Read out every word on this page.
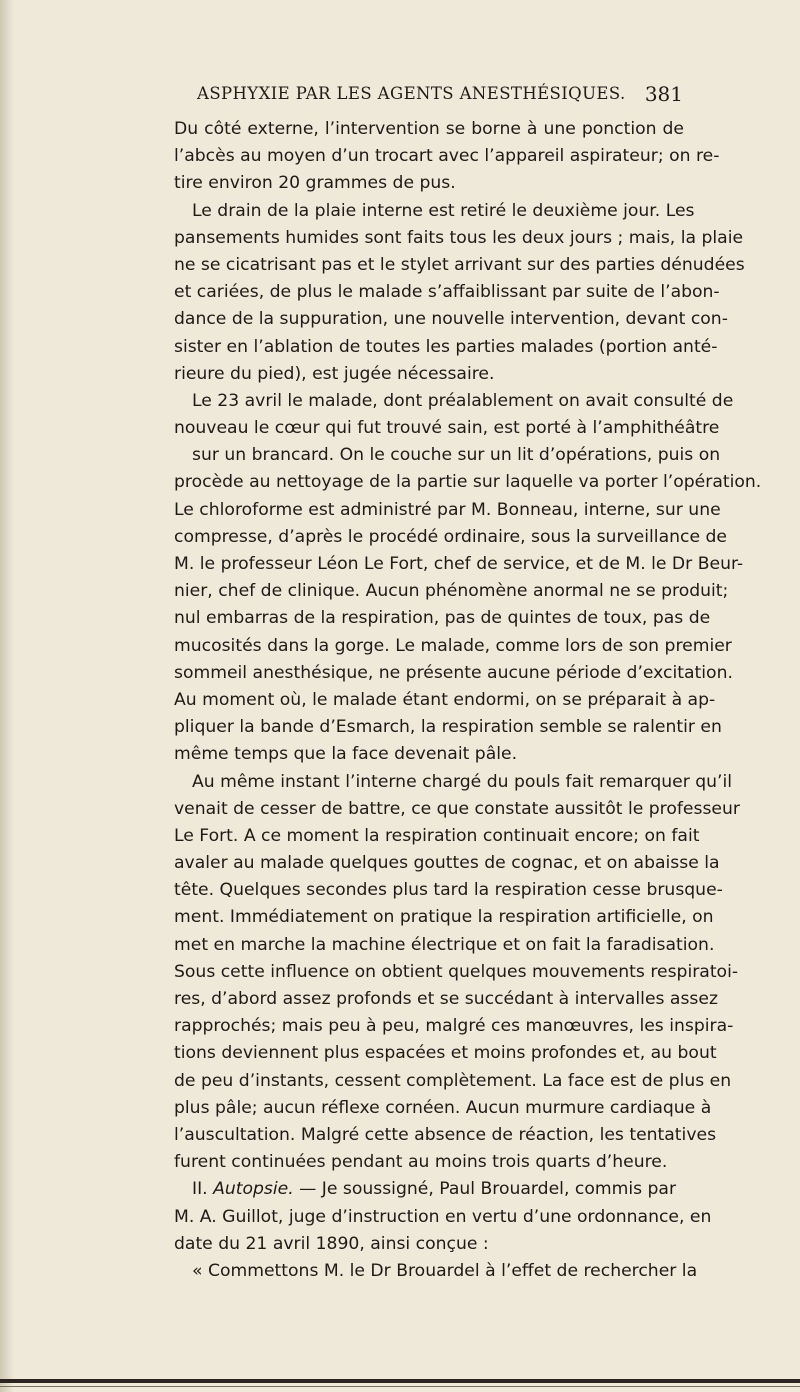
ASPHYXIE PAR LES AGENTS ANESTHÉSIQUES. 381
Du côté externe, l’intervention se borne à une ponction de
l’abcès au moyen d’un trocart avec l’appareil aspirateur; on re-
tire environ 20 grammes de pus.
Le drain de la plaie interne est retiré le deuxième jour. Les
pansements humides sont faits tous les deux jours ; mais, la plaie
ne se cicatrisant pas et le stylet arrivant sur des parties dénudées
et cariées, de plus le malade s’affaiblissant par suite de l’abon-
dance de la suppuration, une nouvelle intervention, devant con-
sister en l’ablation de toutes les parties malades (portion anté-
rieure du pied), est jugée nécessaire.
Le 23 avril le malade, dont préalablement on avait consulté de
nouveau le cœur qui fut trouvé sain, est porté à l’amphithéâtre
sur un brancard. On le couche sur un lit d’opérations, puis on
procède au nettoyage de la partie sur laquelle va porter l’opération.
Le chloroforme est administré par M. Bonneau, interne, sur une
compresse, d’après le procédé ordinaire, sous la surveillance de
M. le professeur Léon Le Fort, chef de service, et de M. le Dr Beur-
nier, chef de clinique. Aucun phénomène anormal ne se produit;
nul embarras de la respiration, pas de quintes de toux, pas de
mucosités dans la gorge. Le malade, comme lors de son premier
sommeil anesthésique, ne présente aucune période d’excitation.
Au moment où, le malade étant endormi, on se préparait à ap-
pliquer la bande d’Esmarch, la respiration semble se ralentir en
même temps que la face devenait pâle.
Au même instant l’interne chargé du pouls fait remarquer qu’il
venait de cesser de battre, ce que constate aussitôt le professeur
Le Fort. A ce moment la respiration continuait encore; on fait
avaler au malade quelques gouttes de cognac, et on abaisse la
tête. Quelques secondes plus tard la respiration cesse brusque-
ment. Immédiatement on pratique la respiration artificielle, on
met en marche la machine électrique et on fait la faradisation.
Sous cette influence on obtient quelques mouvements respiratoi-
res, d’abord assez profonds et se succédant à intervalles assez
rapprochés; mais peu à peu, malgré ces manœuvres, les inspira-
tions deviennent plus espacées et moins profondes et, au bout
de peu d’instants, cessent complètement. La face est de plus en
plus pâle; aucun réflexe cornéen. Aucun murmure cardiaque à
l’auscultation. Malgré cette absence de réaction, les tentatives
furent continuées pendant au moins trois quarts d’heure.
II. Autopsie. — Je soussigné, Paul Brouardel, commis par
M. A. Guillot, juge d’instruction en vertu d’une ordonnance, en
date du 21 avril 1890, ainsi conçue :
« Commettons M. le Dr Brouardel à l’effet de rechercher la
